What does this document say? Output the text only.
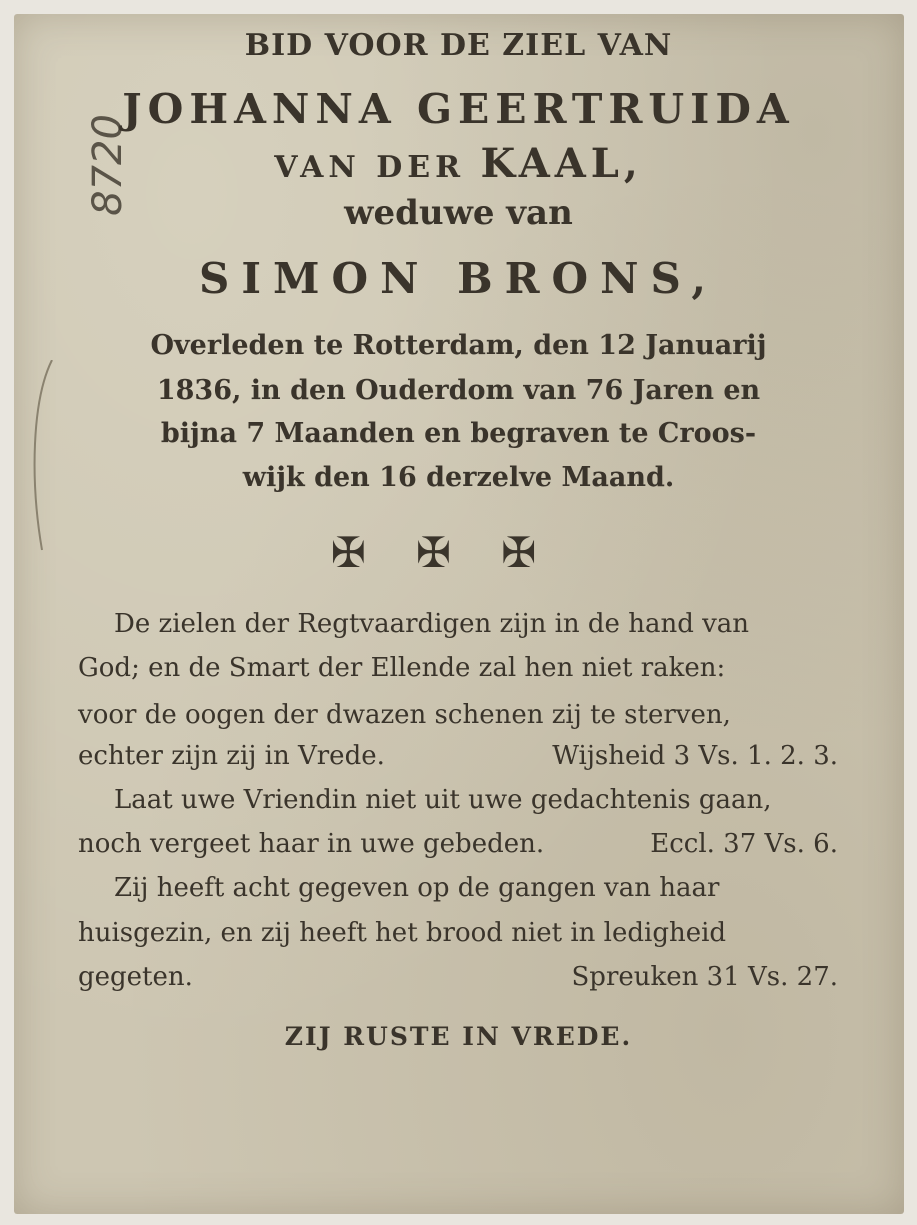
8720
BID VOOR DE ZIEL VAN
JOHANNA GEERTRUIDA
VAN DER KAAL,
weduwe van
SIMON BRONS,
Overleden te Rotterdam, den 12 Januarij
1836, in den Ouderdom van 76 Jaren en
bijna 7 Maanden en begraven te Croos-
wijk den 16 derzelve Maand.
✠✠✠
De zielen der Regtvaardigen zijn in de hand van
God; en de Smart der Ellende zal hen niet raken:
voor de oogen der dwazen schenen zij te sterven,
echter zijn zij in Vrede.	Wijsheid 3 Vs. 1. 2. 3.
Laat uwe Vriendin niet uit uwe gedachtenis gaan,
noch vergeet haar in uwe gebeden.	Eccl. 37 Vs. 6.
Zij heeft acht gegeven op de gangen van haar
huisgezin, en zij heeft het brood niet in ledigheid
gegeten.	Spreuken 31 Vs. 27.
ZIJ RUSTE IN VREDE.
